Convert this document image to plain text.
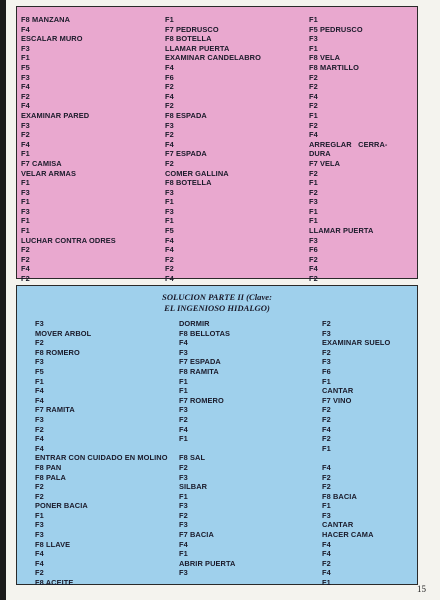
F8 MANZANA
F4
ESCALAR MURO
F3
F1
F5
F3
F4
F2
F4
EXAMINAR PARED
F3
F2
F4
F1
F7 CAMISA
VELAR ARMAS
F1
F3
F1
F3
F1
F1
LUCHAR CONTRA ODRES
F2
F2
F4
F2

F1
F7 PEDRUSCO
F8 BOTELLA
LLAMAR PUERTA
EXAMINAR CANDELABRO
F4
F6
F2
F4
F2
F8 ESPADA
F3
F2
F4
F7 ESPADA
F2
COMER GALLINA
F8 BOTELLA
F3
F1
F3
F1
F5
F4
F4
F2
F2
F4

F1
F5 PEDRUSCO
F3
F1
F8 VELA
F8 MARTILLO
F2
F2
F4
F2
F1
F2
F4
ARREGLAR   CERRA-
DURA
F7 VELA
F2
F1
F2
F3
F1
F1
LLAMAR PUERTA
F3
F6
F2
F4
F2

SOLUCION PARTE II (Clave:
EL INGENIOSO HIDALGO)
F3
MOVER ARBOL
F2
F8 ROMERO
F3
F5
F1
F4
F4
F7 RAMITA
F3
F2
F4
F4
ENTRAR CON CUIDADO EN MOLINO
F8 PAN
F8 PALA
F2
F2
PONER BACIA
F1
F3
F3
F8 LLAVE
F4
F4
F2
F8 ACEITE
DORMIR
F8 BELLOTAS
F4
F3
F7 ESPADA
F8 RAMITA
F1
F1
F7 ROMERO
F3
F2
F4
F1

F8 SAL
F2
F3
SILBAR
F1
F3
F2
F3
F7 BACIA
F4
F1
ABRIR PUERTA
F3
F2
F3
EXAMINAR SUELO
F2
F3
F6
F1
CANTAR
F7 VINO
F2
F2
F4
F2
F1

F4
F2
F2
F8 BACIA
F1
F3
CANTAR
HACER CAMA
F4
F4
F2
F4
F1
15
